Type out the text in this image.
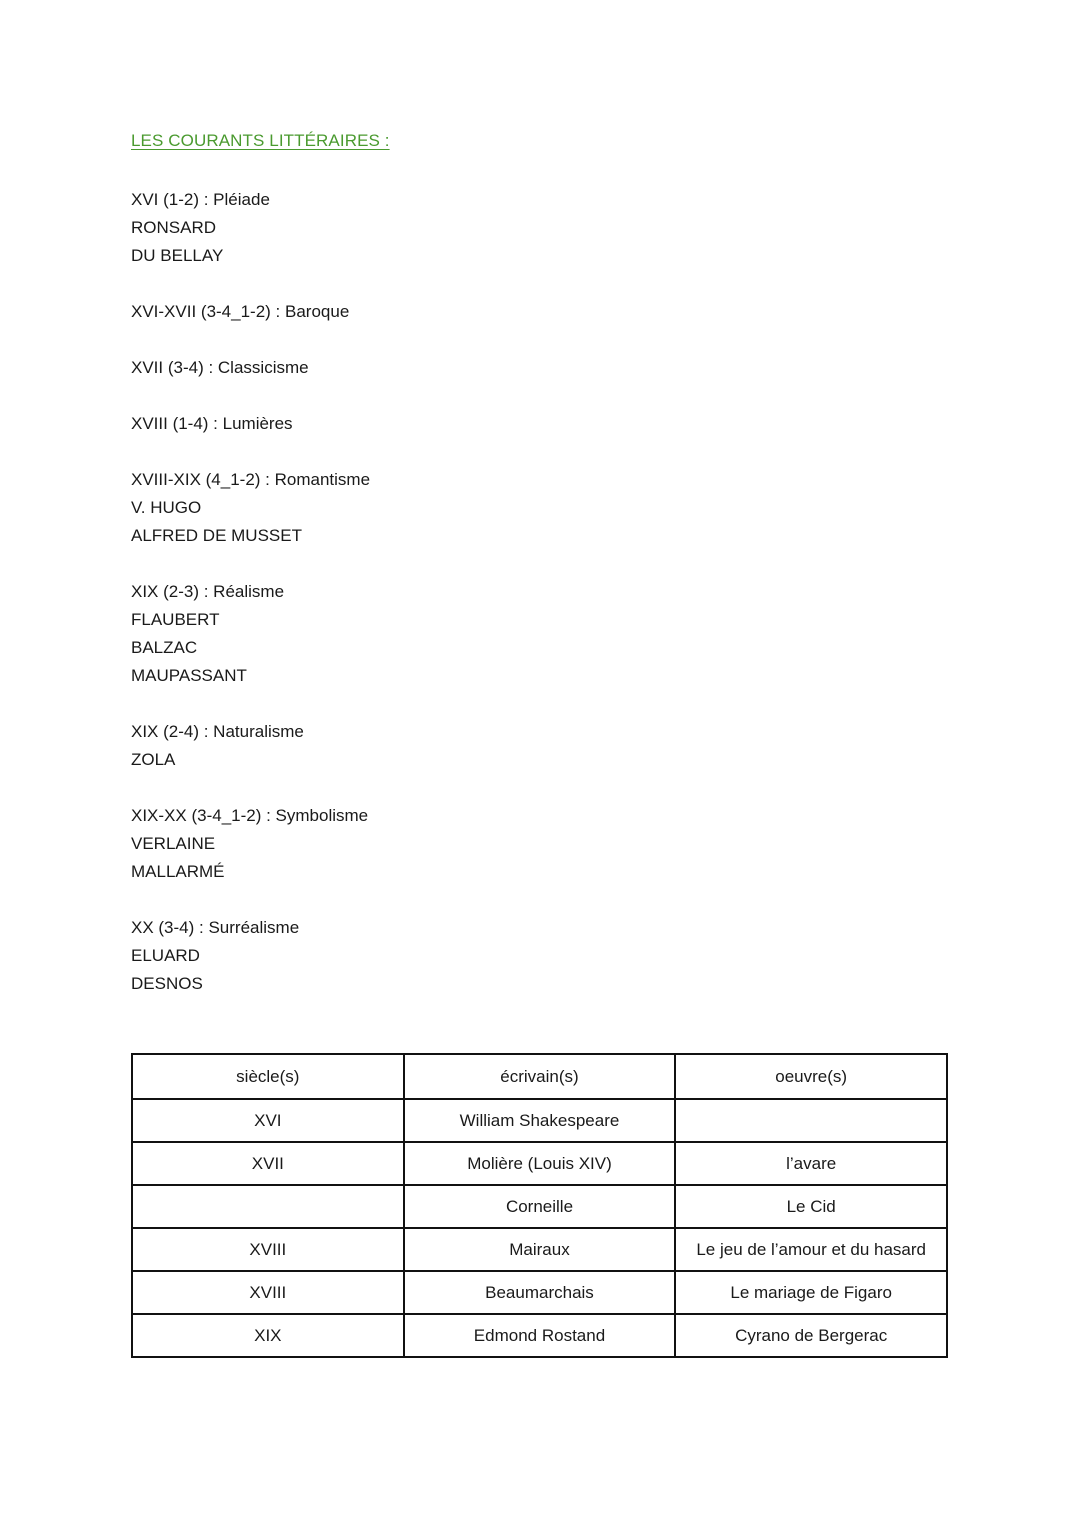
LES COURANTS LITTÉRAIRES :
XVI (1-2) : Pléiade
RONSARD
DU BELLAY
XVI-XVII (3-4_1-2) : Baroque
XVII (3-4) : Classicisme
XVIII (1-4) : Lumières
XVIII-XIX (4_1-2) : Romantisme
V. HUGO
ALFRED DE MUSSET
XIX (2-3) : Réalisme
FLAUBERT
BALZAC
MAUPASSANT
XIX (2-4) : Naturalisme
ZOLA
XIX-XX (3-4_1-2) : Symbolisme
VERLAINE
MALLARMÉ
XX (3-4) : Surréalisme
ELUARD
DESNOS
siècle(s)	écrivain(s)	oeuvre(s)
XVI	William Shakespeare	
XVII	Molière (Louis XIV)	l’avare
	Corneille	Le Cid
XVIII	Mairaux	Le jeu de l’amour et du hasard
XVIII	Beaumarchais	Le mariage de Figaro
XIX	Edmond Rostand	Cyrano de Bergerac
